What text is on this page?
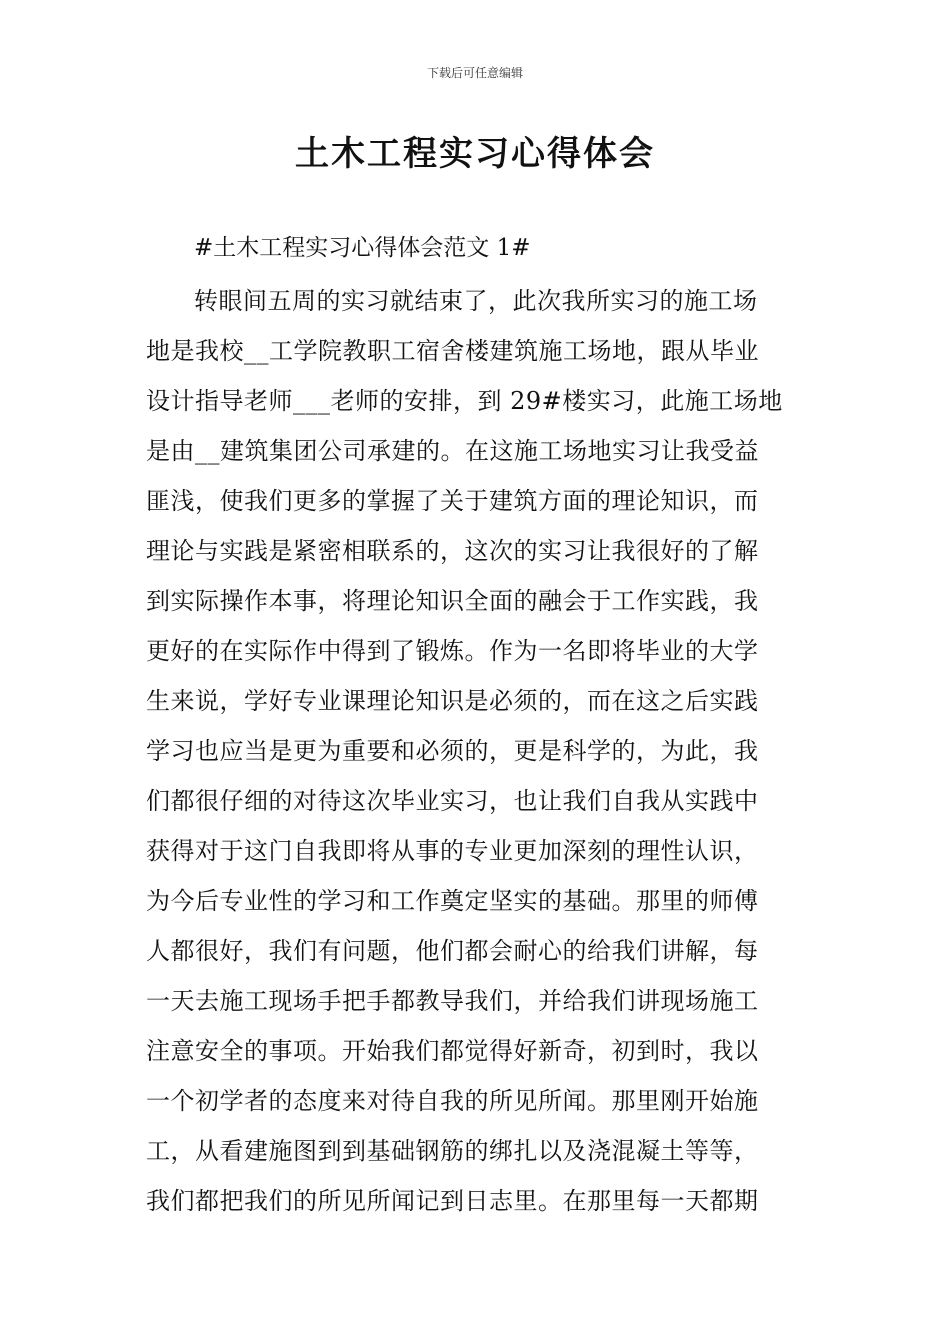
下载后可任意编辑
土木工程实习心得体会
#土木工程实习心得体会范文 1#
转眼间五周的实习就结束了，此次我所实习的施工场
地是我校__工学院教职工宿舍楼建筑施工场地，跟从毕业
设计指导老师___老师的安排，到 29#楼实习，此施工场地
是由__建筑集团公司承建的。在这施工场地实习让我受益
匪浅，使我们更多的掌握了关于建筑方面的理论知识，而
理论与实践是紧密相联系的，这次的实习让我很好的了解
到实际操作本事，将理论知识全面的融会于工作实践，我
更好的在实际作中得到了锻炼。作为一名即将毕业的大学
生来说，学好专业课理论知识是必须的，而在这之后实践
学习也应当是更为重要和必须的，更是科学的，为此，我
们都很仔细的对待这次毕业实习，也让我们自我从实践中
获得对于这门自我即将从事的专业更加深刻的理性认识，
为今后专业性的学习和工作奠定坚实的基础。那里的师傅
人都很好，我们有问题，他们都会耐心的给我们讲解，每
一天去施工现场手把手都教导我们，并给我们讲现场施工
注意安全的事项。开始我们都觉得好新奇，初到时，我以
一个初学者的态度来对待自我的所见所闻。那里刚开始施
工，从看建施图到到基础钢筋的绑扎以及浇混凝土等等，
我们都把我们的所见所闻记到日志里。在那里每一天都期
